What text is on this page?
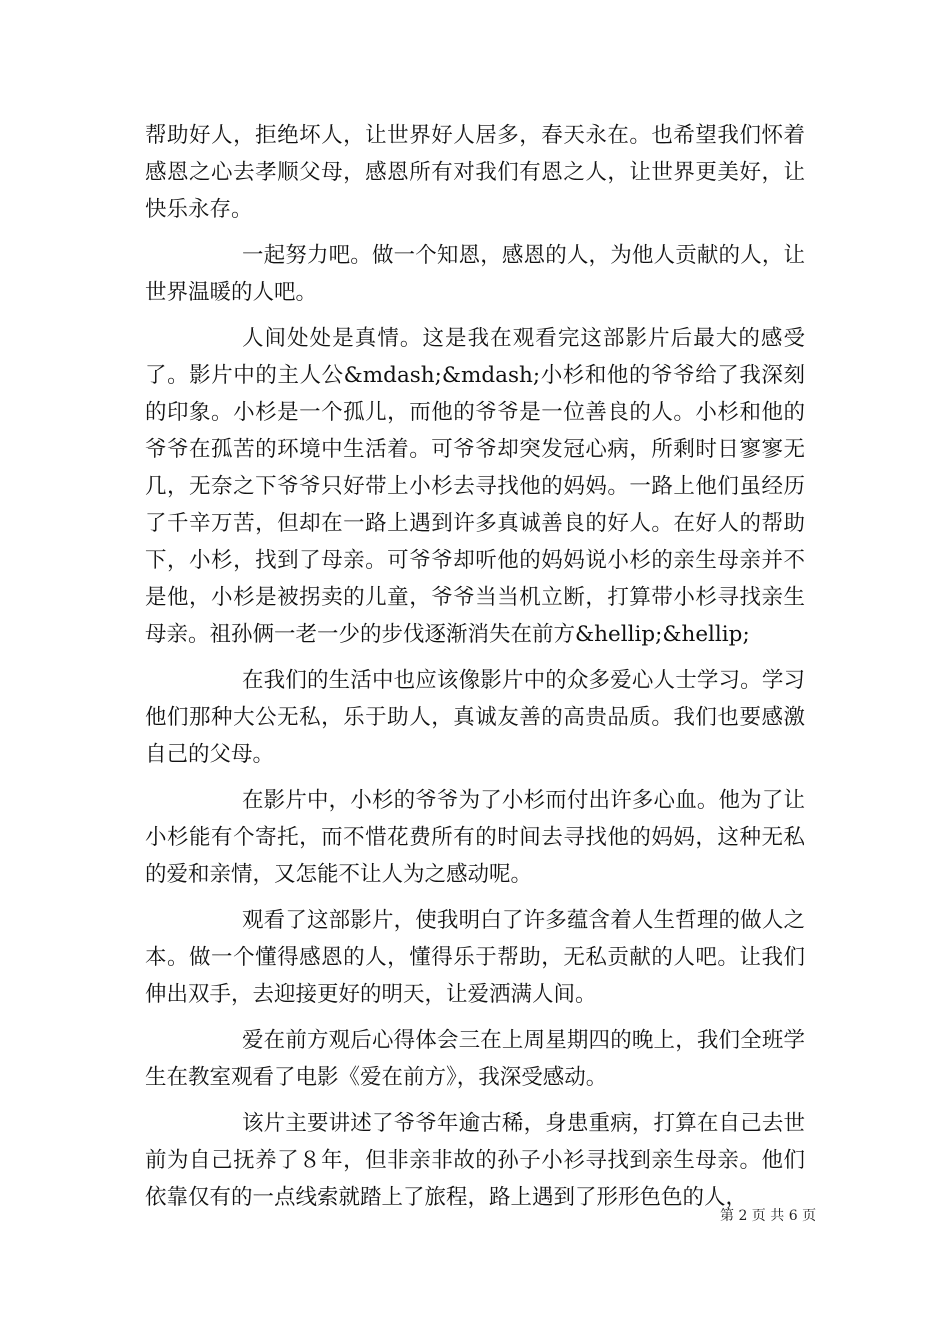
帮助好人，拒绝坏人，让世界好人居多，春天永在。也希望我们怀着感恩之心去孝顺父母，感恩所有对我们有恩之人，让世界更美好，让快乐永存。

一起努力吧。做一个知恩，感恩的人，为他人贡献的人，让世界温暖的人吧。

人间处处是真情。这是我在观看完这部影片后最大的感受了。影片中的主人公&mdash;&mdash;小杉和他的爷爷给了我深刻的印象。小杉是一个孤儿，而他的爷爷是一位善良的人。小杉和他的爷爷在孤苦的环境中生活着。可爷爷却突发冠心病，所剩时日寥寥无几，无奈之下爷爷只好带上小杉去寻找他的妈妈。一路上他们虽经历了千辛万苦，但却在一路上遇到许多真诚善良的好人。在好人的帮助下，小杉，找到了母亲。可爷爷却听他的妈妈说小杉的亲生母亲并不是他，小杉是被拐卖的儿童，爷爷当当机立断，打算带小杉寻找亲生母亲。祖孙俩一老一少的步伐逐渐消失在前方&hellip;&hellip;

在我们的生活中也应该像影片中的众多爱心人士学习。学习他们那种大公无私，乐于助人，真诚友善的高贵品质。我们也要感激自己的父母。

在影片中，小杉的爷爷为了小杉而付出许多心血。他为了让小杉能有个寄托，而不惜花费所有的时间去寻找他的妈妈，这种无私的爱和亲情，又怎能不让人为之感动呢。

观看了这部影片，使我明白了许多蕴含着人生哲理的做人之本。做一个懂得感恩的人，懂得乐于帮助，无私贡献的人吧。让我们伸出双手，去迎接更好的明天，让爱洒满人间。

爱在前方观后心得体会三在上周星期四的晚上，我们全班学生在教室观看了电影《爱在前方》，我深受感动。

该片主要讲述了爷爷年逾古稀，身患重病，打算在自己去世前为自己抚养了８年，但非亲非故的孙子小衫寻找到亲生母亲。他们依靠仅有的一点线索就踏上了旅程，路上遇到了形形色色的人，

第 2 页 共 6 页
